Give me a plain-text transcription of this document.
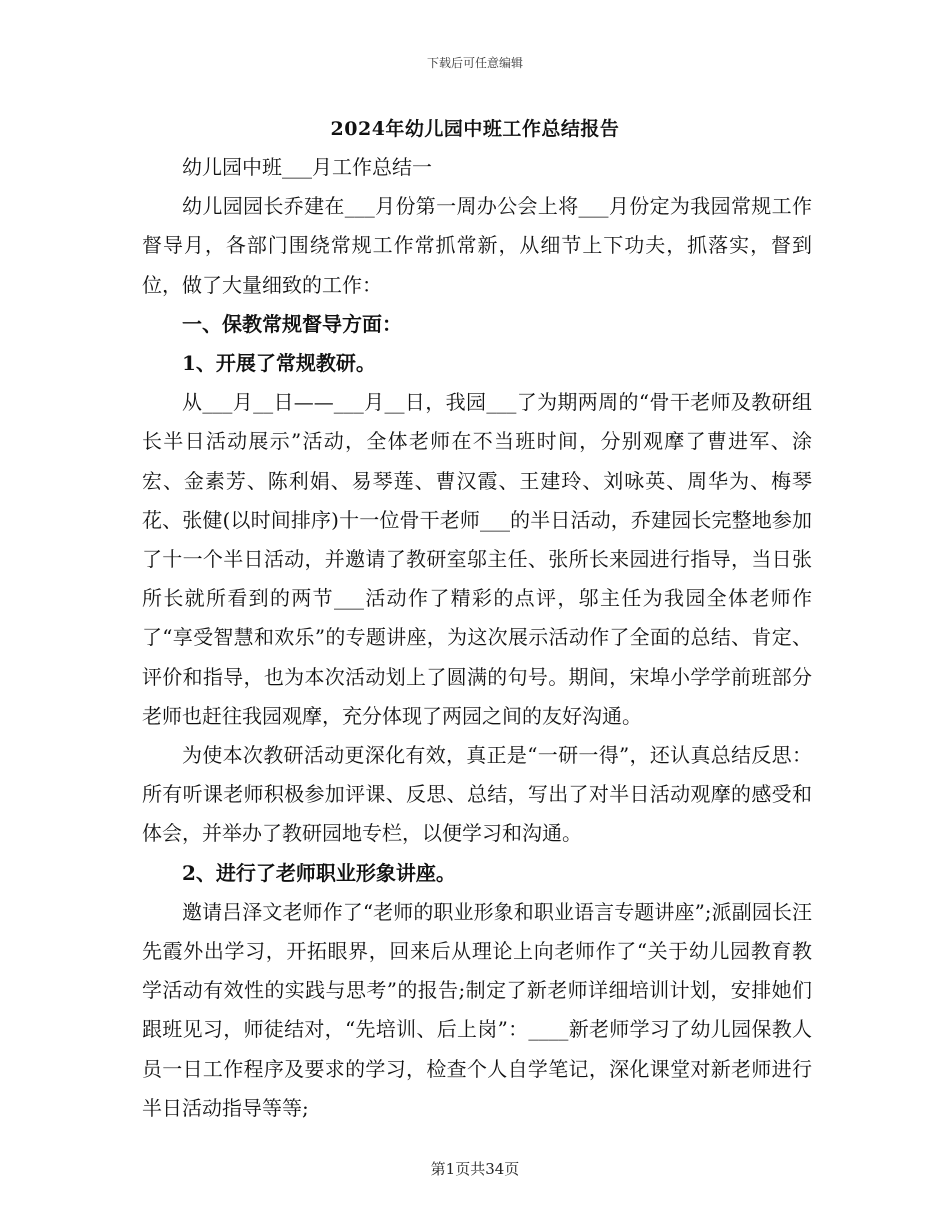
下载后可任意编辑
2024年幼儿园中班工作总结报告

幼儿园中班___月工作总结一

幼儿园园长乔建在___月份第一周办公会上将___月份定为我园常规工作督导月，各部门围绕常规工作常抓常新，从细节上下功夫，抓落实，督到位，做了大量细致的工作：

一、保教常规督导方面：

1、开展了常规教研。

从___月__日——___月__日，我园___了为期两周的“骨干老师及教研组长半日活动展示”活动，全体老师在不当班时间，分别观摩了曹进军、涂宏、金素芳、陈利娟、易琴莲、曹汉霞、王建玲、刘咏英、周华为、梅琴花、张健(以时间排序)十一位骨干老师___的半日活动，乔建园长完整地参加了十一个半日活动，并邀请了教研室邬主任、张所长来园进行指导，当日张所长就所看到的两节___活动作了精彩的点评，邬主任为我园全体老师作了“享受智慧和欢乐”的专题讲座，为这次展示活动作了全面的总结、肯定、评价和指导，也为本次活动划上了圆满的句号。期间，宋埠小学学前班部分老师也赶往我园观摩，充分体现了两园之间的友好沟通。

为使本次教研活动更深化有效，真正是“一研一得”，还认真总结反思：所有听课老师积极参加评课、反思、总结，写出了对半日活动观摩的感受和体会，并举办了教研园地专栏，以便学习和沟通。

2、进行了老师职业形象讲座。

邀请吕泽文老师作了“老师的职业形象和职业语言专题讲座”;派副园长汪先霞外出学习，开拓眼界，回来后从理论上向老师作了“关于幼儿园教育教学活动有效性的实践与思考”的报告;制定了新老师详细培训计划，安排她们跟班见习，师徒结对，“先培训、后上岗”：____新老师学习了幼儿园保教人员一日工作程序及要求的学习，检查个人自学笔记，深化课堂对新老师进行半日活动指导等等;

第1页共34页
